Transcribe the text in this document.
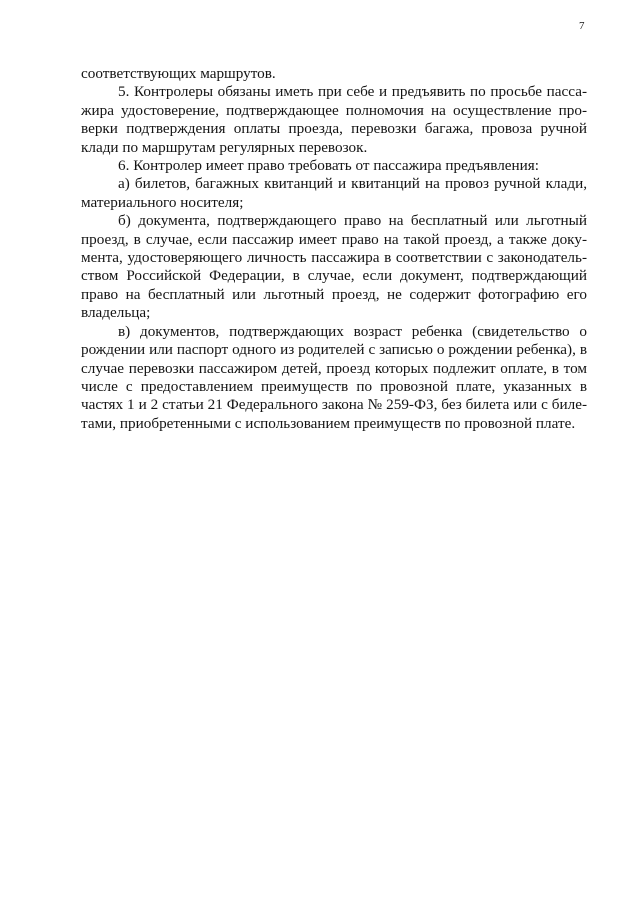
7

соответствующих маршрутов.

5. Контролеры обязаны иметь при себе и предъявить по просьбе пассажира удостоверение, подтверждающее полномочия на осуществление проверки подтверждения оплаты проезда, перевозки багажа, провоза ручной клади по маршрутам регулярных перевозок.

6. Контролер имеет право требовать от пассажира предъявления:

а) билетов, багажных квитанций и квитанций на провоз ручной клади, материального носителя;

б) документа, подтверждающего право на бесплатный или льготный проезд, в случае, если пассажир имеет право на такой проезд, а также документа, удостоверяющего личность пассажира в соответствии с законодательством Российской Федерации, в случае, если документ, подтверждающий право на бесплатный или льготный проезд, не содержит фотографию его владельца;

в) документов, подтверждающих возраст ребенка (свидетельство о рождении или паспорт одного из родителей с записью о рождении ребенка), в случае перевозки пассажиром детей, проезд которых подлежит оплате, в том числе с предоставлением преимуществ по провозной плате, указанных в частях 1 и 2 статьи 21 Федерального закона № 259-ФЗ, без билета или с билетами, приобретенными с использованием преимуществ по провозной плате.
